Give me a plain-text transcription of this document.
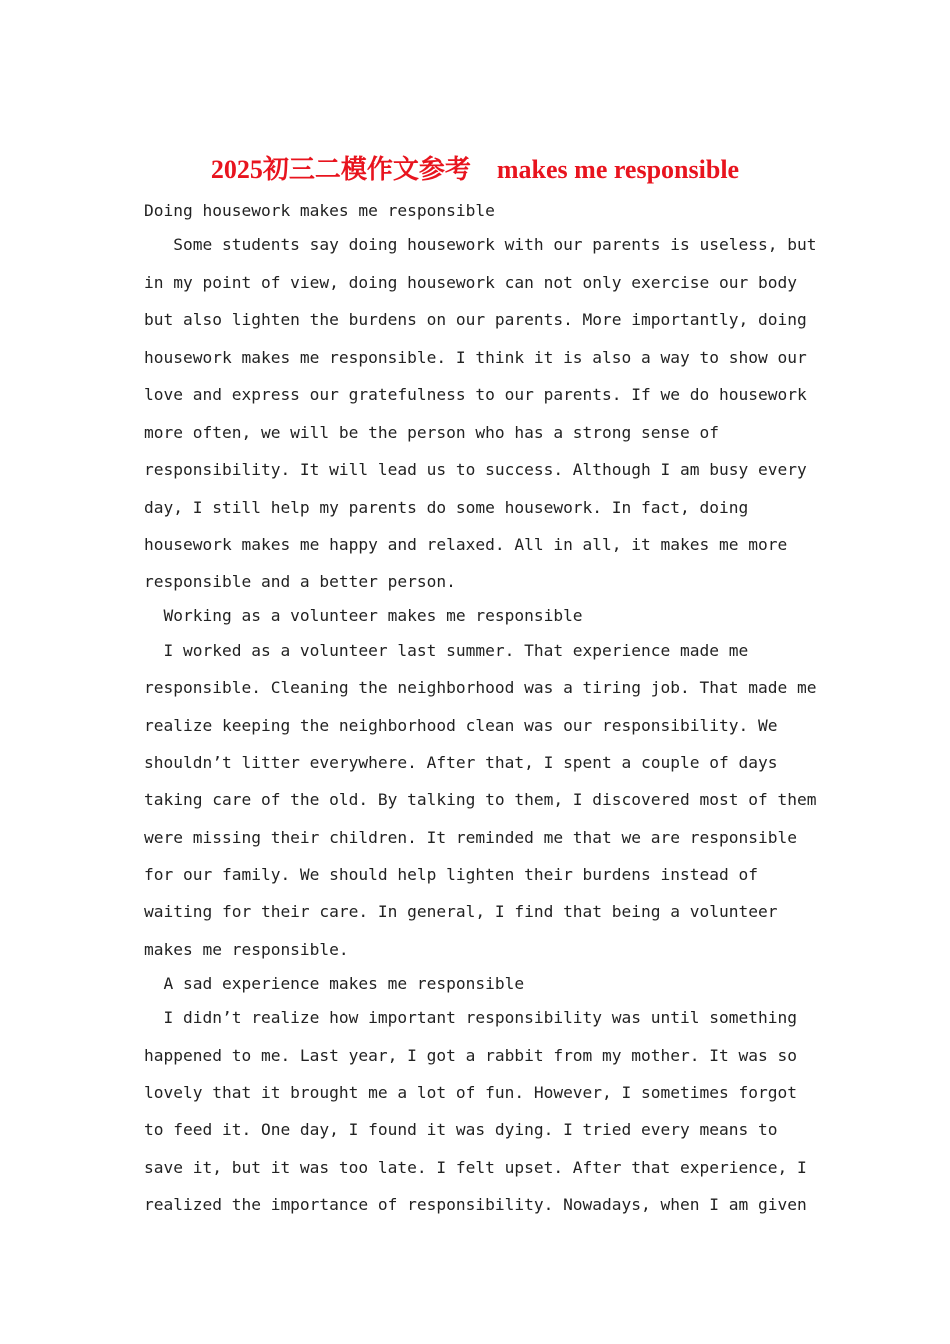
2025初三二模作文参考　makes me responsible
Doing housework makes me responsible
Some students say doing housework with our parents is useless, but
in my point of view, doing housework can not only exercise our body
but also lighten the burdens on our parents. More importantly, doing
housework makes me responsible. I think it is also a way to show our
love and express our gratefulness to our parents. If we do housework
more often, we will be the person who has a strong sense of
responsibility. It will lead us to success. Although I am busy every
day, I still help my parents do some housework. In fact, doing
housework makes me happy and relaxed. All in all, it makes me more
responsible and a better person.
Working as a volunteer makes me responsible
I worked as a volunteer last summer. That experience made me
responsible. Cleaning the neighborhood was a tiring job. That made me
realize keeping the neighborhood clean was our responsibility. We
shouldn’t litter everywhere. After that, I spent a couple of days
taking care of the old. By talking to them, I discovered most of them
were missing their children. It reminded me that we are responsible
for our family. We should help lighten their burdens instead of
waiting for their care. In general, I find that being a volunteer
makes me responsible.
A sad experience makes me responsible
I didn’t realize how important responsibility was until something
happened to me. Last year, I got a rabbit from my mother. It was so
lovely that it brought me a lot of fun. However, I sometimes forgot
to feed it. One day, I found it was dying. I tried every means to
save it, but it was too late. I felt upset. After that experience, I
realized the importance of responsibility. Nowadays, when I am given
